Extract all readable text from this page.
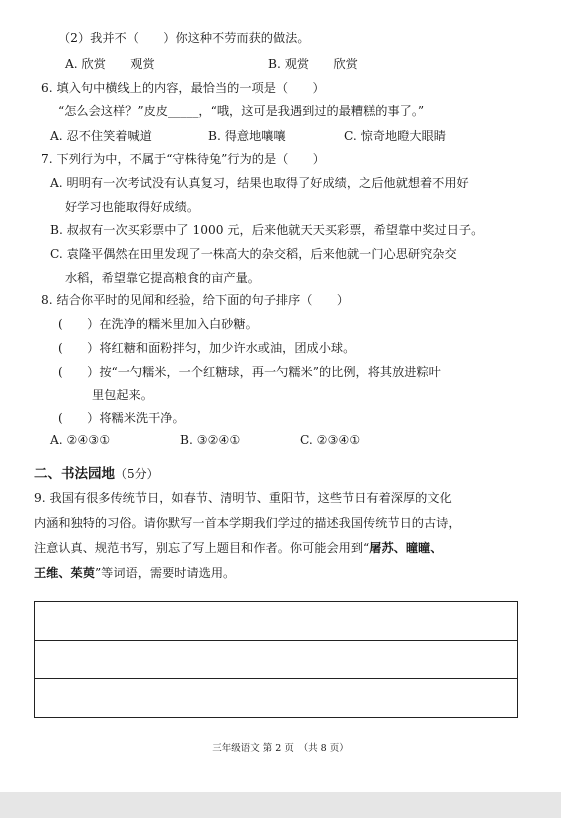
（2）我并不（　　）你这种不劳而获的做法。
A. 欣赏　　观赏	B. 观赏　　欣赏
6. 填入句中横线上的内容，最恰当的一项是（　　）
“怎么会这样？”皮皮_____，“哦，这可是我遇到过的最糟糕的事了。”
A. 忍不住笑着喊道	B. 得意地嚷嚷	C. 惊奇地瞪大眼睛
7. 下列行为中，不属于“守株待兔”行为的是（　　）
A. 明明有一次考试没有认真复习，结果也取得了好成绩，之后他就想着不用好
好学习也能取得好成绩。
B. 叔叔有一次买彩票中了 1000 元，后来他就天天买彩票，希望靠中奖过日子。
C. 袁隆平偶然在田里发现了一株高大的杂交稻，后来他就一门心思研究杂交
水稻，希望靠它提高粮食的亩产量。
8. 结合你平时的见闻和经验，给下面的句子排序（　　）
(　　）在洗净的糯米里加入白砂糖。
(　　）将红糖和面粉拌匀，加少许水或油，团成小球。
(　　）按“一勺糯米，一个红糖球，再一勺糯米”的比例，将其放进粽叶
里包起来。
(　　）将糯米洗干净。
A. ②④③①	B. ③②④①	C. ②③④①
二、书法园地（5分）
9. 我国有很多传统节日，如春节、清明节、重阳节，这些节日有着深厚的文化
内涵和独特的习俗。请你默写一首本学期我们学过的描述我国传统节日的古诗，
注意认真、规范书写，别忘了写上题目和作者。你可能会用到“屠苏、曈曈、
王维、茱萸”等词语，需要时请选用。
三年级语文 第 2 页　（共 8 页）
